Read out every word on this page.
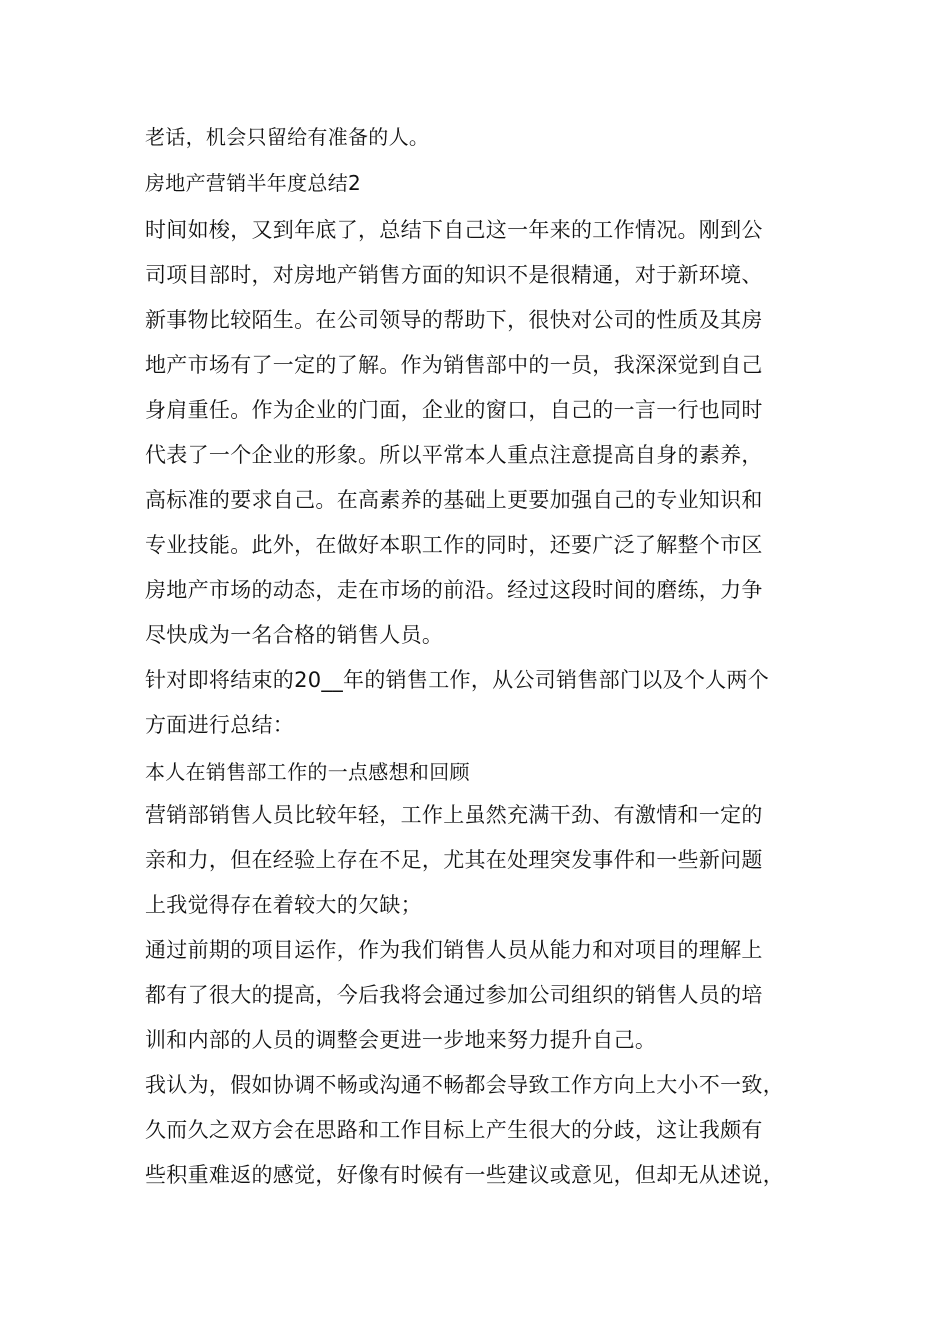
老话，机会只留给有准备的人。
房地产营销半年度总结2
时间如梭，又到年底了，总结下自己这一年来的工作情况。刚到公
司项目部时，对房地产销售方面的知识不是很精通，对于新环境、
新事物比较陌生。在公司领导的帮助下，很快对公司的性质及其房
地产市场有了一定的了解。作为销售部中的一员，我深深觉到自己
身肩重任。作为企业的门面，企业的窗口，自己的一言一行也同时
代表了一个企业的形象。所以平常本人重点注意提高自身的素养，
高标准的要求自己。在高素养的基础上更要加强自己的专业知识和
专业技能。此外，在做好本职工作的同时，还要广泛了解整个市区
房地产市场的动态，走在市场的前沿。经过这段时间的磨练，力争
尽快成为一名合格的销售人员。
针对即将结束的20__年的销售工作，从公司销售部门以及个人两个
方面进行总结：
本人在销售部工作的一点感想和回顾
营销部销售人员比较年轻，工作上虽然充满干劲、有激情和一定的
亲和力，但在经验上存在不足，尤其在处理突发事件和一些新问题
上我觉得存在着较大的欠缺；
通过前期的项目运作，作为我们销售人员从能力和对项目的理解上
都有了很大的提高，今后我将会通过参加公司组织的销售人员的培
训和内部的人员的调整会更进一步地来努力提升自己。
我认为，假如协调不畅或沟通不畅都会导致工作方向上大小不一致，
久而久之双方会在思路和工作目标上产生很大的分歧，这让我颇有
些积重难返的感觉，好像有时候有一些建议或意见，但却无从述说，
